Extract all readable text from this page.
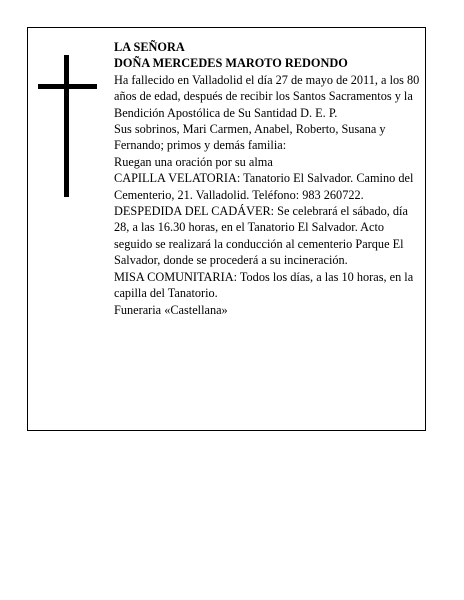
LA SEÑORA

DOÑA MERCEDES MAROTO REDONDO

Ha fallecido en Valladolid el día 27 de mayo de 2011, a los 80 años de edad, después de recibir los Santos Sacramentos y la Bendición Apostólica de Su Santidad D. E. P.

Sus sobrinos, Mari Carmen, Anabel, Roberto, Susana y Fernando; primos y demás familia:

Ruegan una oración por su alma

CAPILLA VELATORIA: Tanatorio El Salvador. Camino del Cementerio, 21. Valladolid. Teléfono: 983 260722.

DESPEDIDA DEL CADÁVER: Se celebrará el sábado, día 28, a las 16.30 horas, en el Tanatorio El Salvador. Acto seguido se realizará la conducción al cementerio Parque El Salvador, donde se procederá a su incineración.

MISA COMUNITARIA: Todos los días, a las 10 horas, en la capilla del Tanatorio.

Funeraria «Castellana»
